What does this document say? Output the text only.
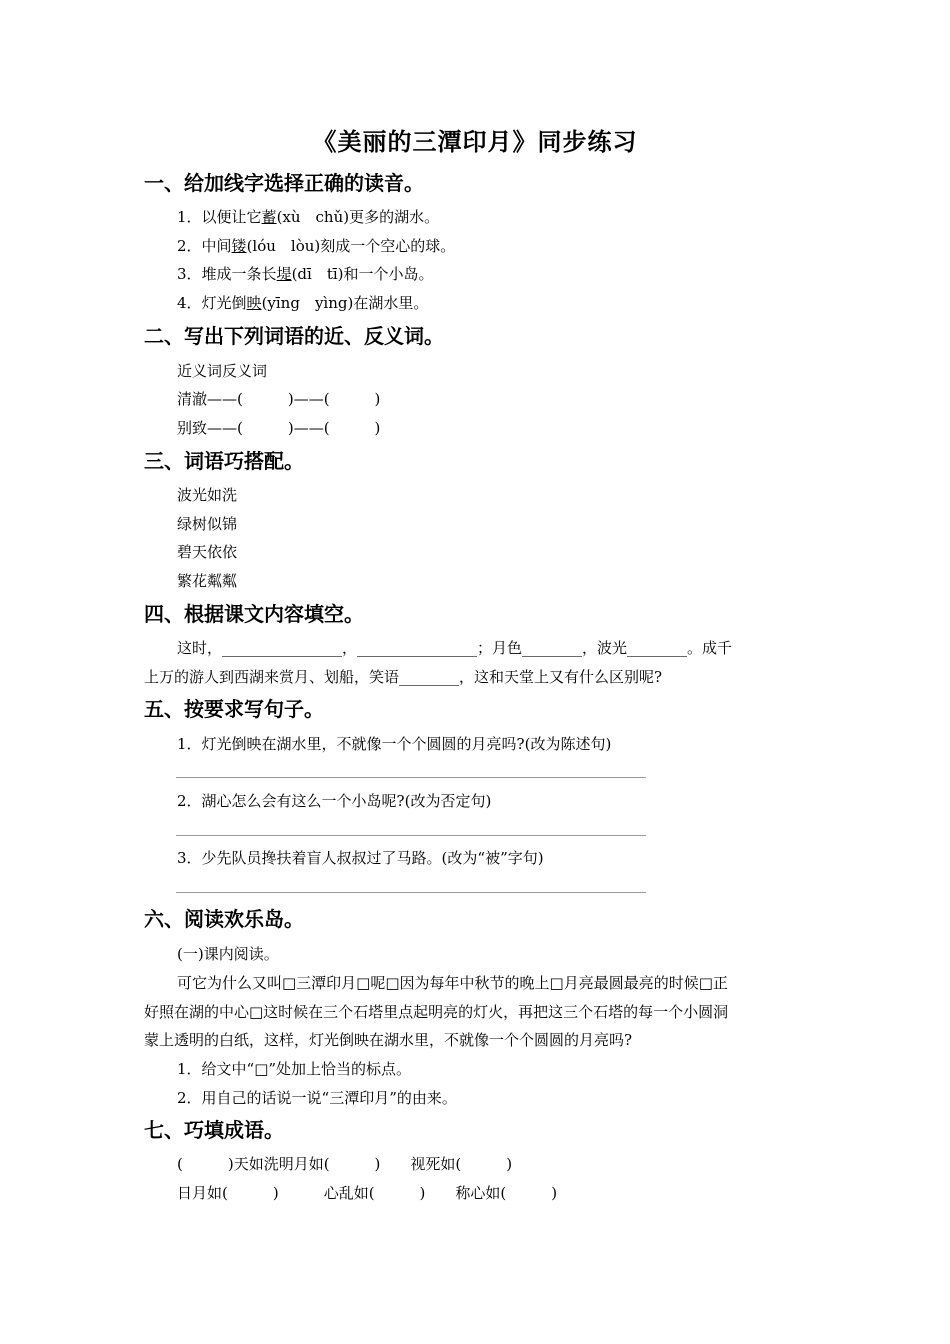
《美丽的三潭印月》同步练习
一、给加线字选择正确的读音。
1．以便让它蓄(xù　chǔ)更多的湖水。
2．中间镂(lóu　lòu)刻成一个空心的球。
3．堆成一条长堤(dī　tī)和一个小岛。
4．灯光倒映(yīng　yìng)在湖水里。
二、写出下列词语的近、反义词。
近义词反义词
清澈——(　　　)——(　　　)
别致——(　　　)——(　　　)
三、词语巧搭配。
波光如洗
绿树似锦
碧天依依
繁花粼粼
四、根据课文内容填空。
这时，________________，________________；月色________，波光________。成千
上万的游人到西湖来赏月、划船，笑语________，这和天堂上又有什么区别呢?
五、按要求写句子。
1．灯光倒映在湖水里，不就像一个个圆圆的月亮吗?(改为陈述句)
2．湖心怎么会有这么一个小岛呢?(改为否定句)
3．少先队员搀扶着盲人叔叔过了马路。(改为“被”字句)
六、阅读欢乐岛。
(一)课内阅读。
可它为什么又叫□三潭印月□呢□因为每年中秋节的晚上□月亮最圆最亮的时候□正
好照在湖的中心□这时候在三个石塔里点起明亮的灯火，再把这三个石塔的每一个小圆洞
蒙上透明的白纸，这样，灯光倒映在湖水里，不就像一个个圆圆的月亮吗?
1．给文中“□”处加上恰当的标点。
2．用自己的话说一说“三潭印月”的由来。
七、巧填成语。
(　　　)天如洗明月如(　　　)　　视死如(　　　)
日月如(　　　)　　　心乱如(　　　)　　称心如(　　　)
